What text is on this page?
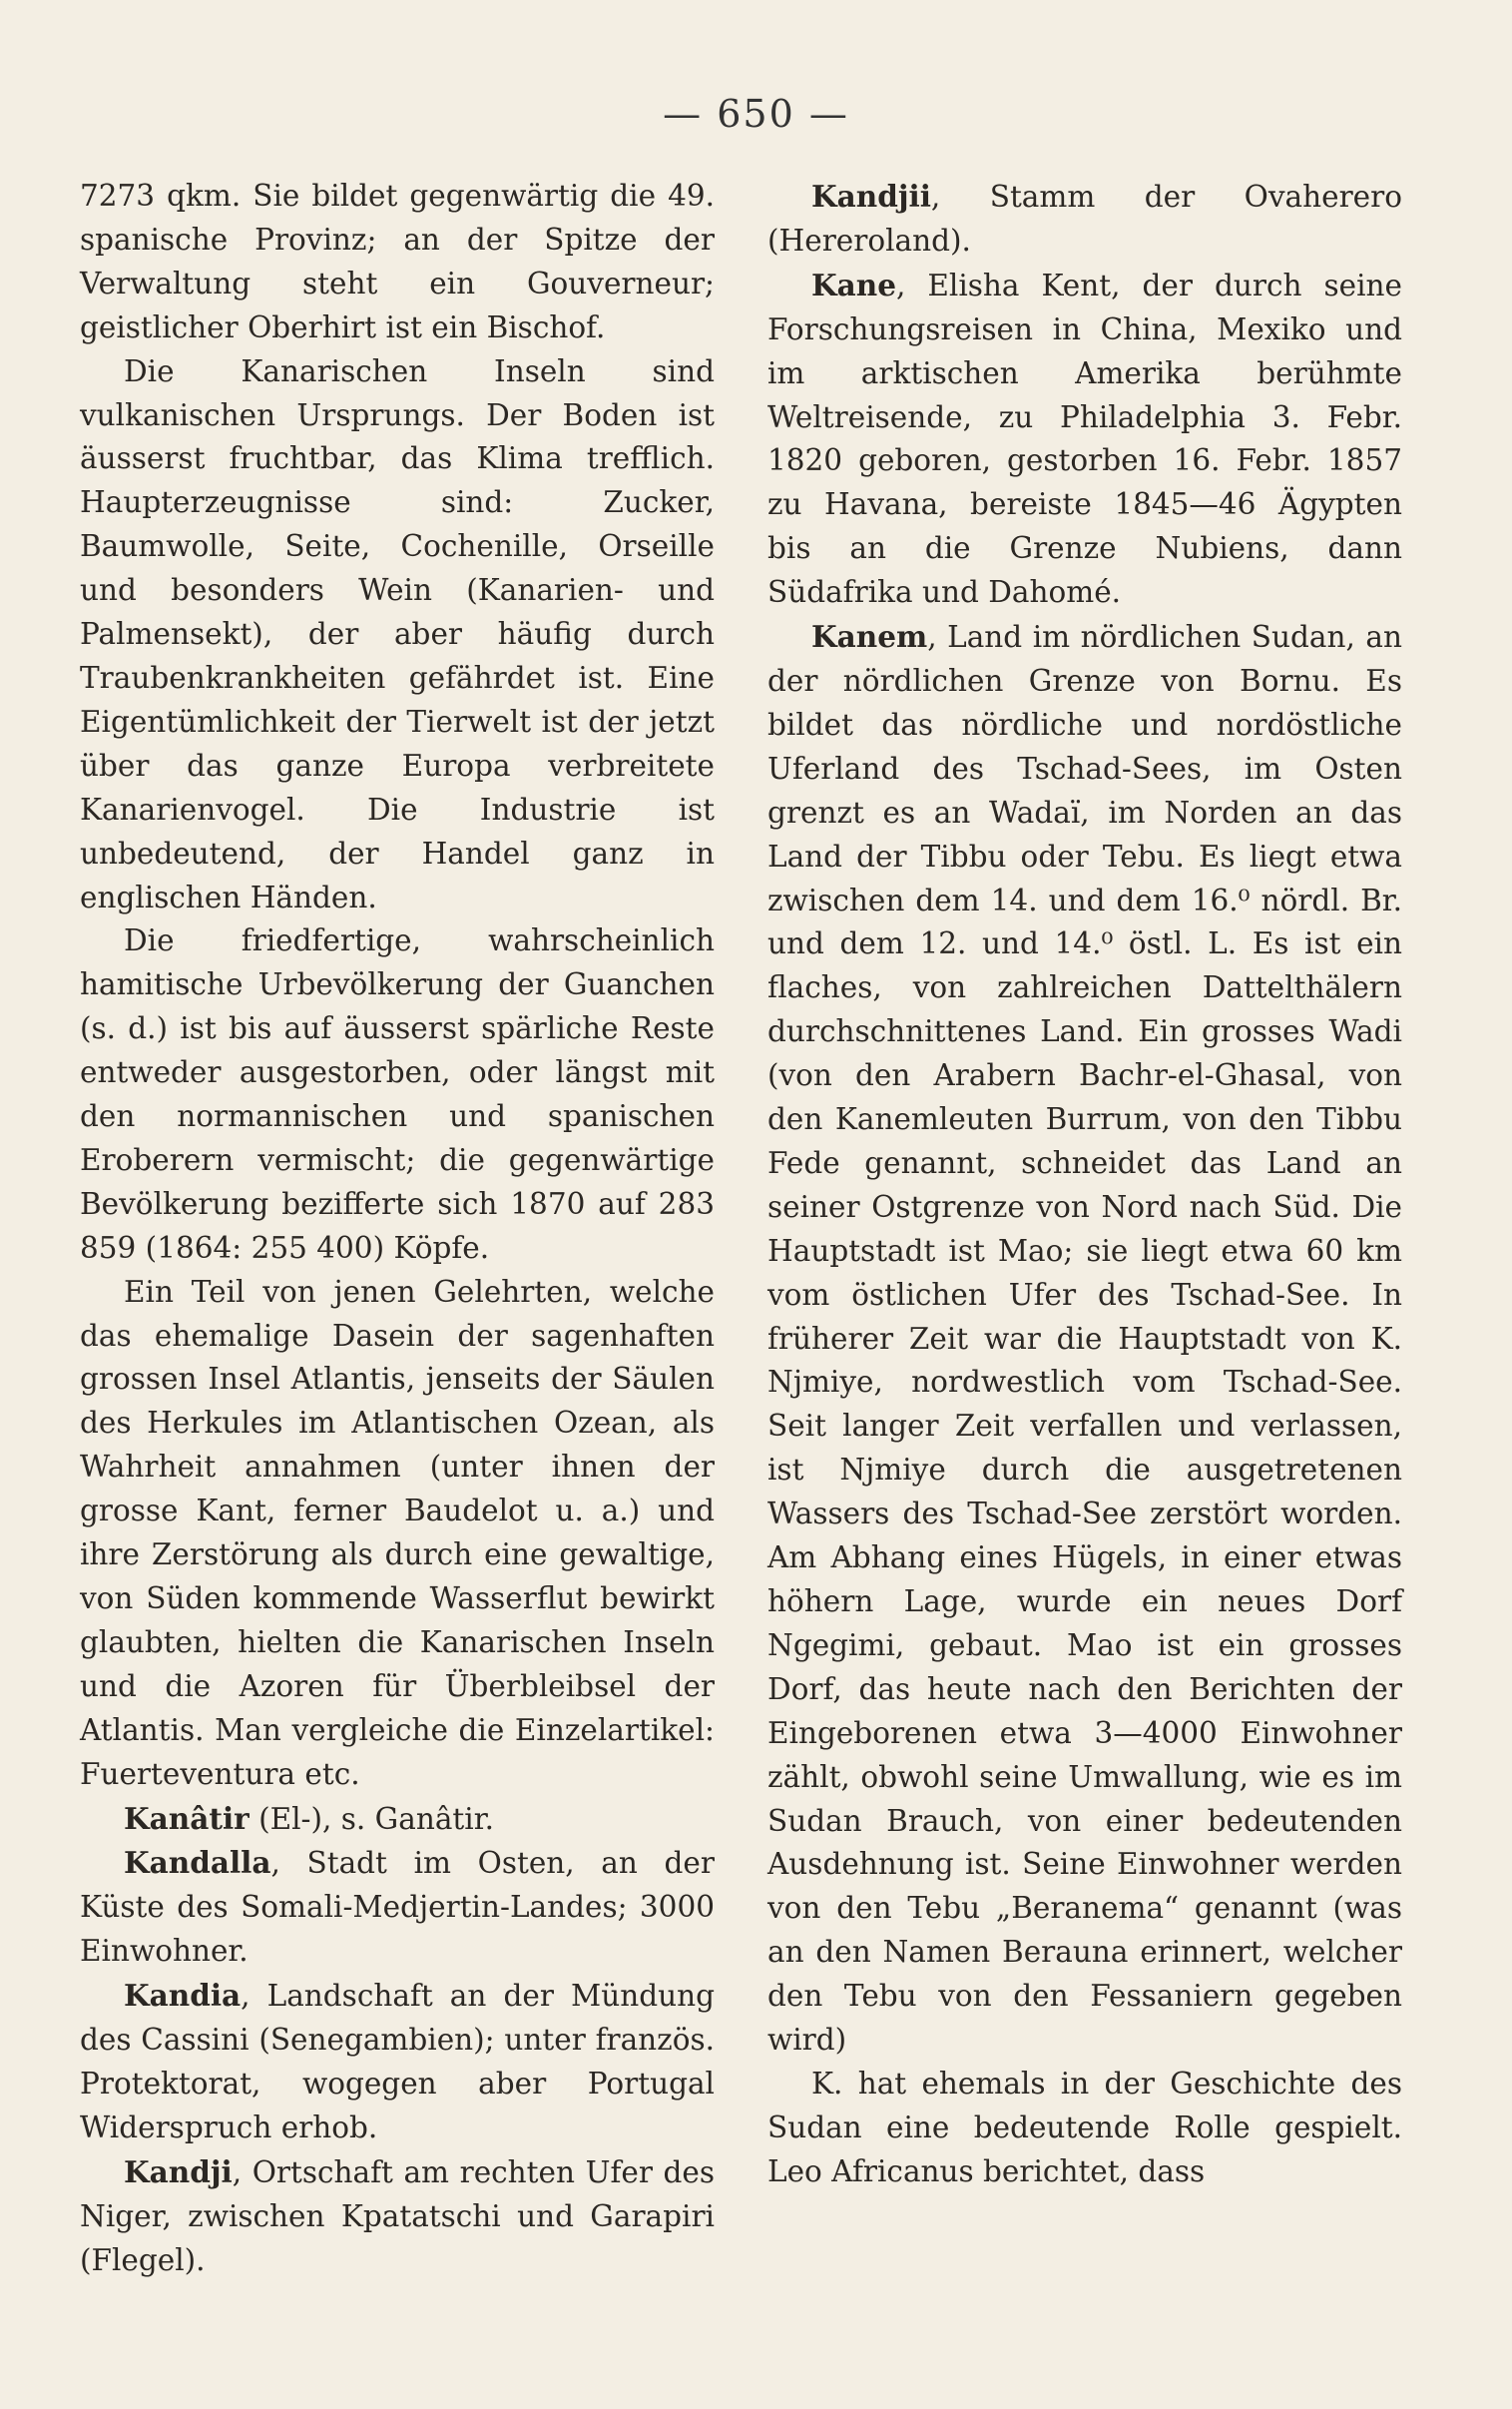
— 650 —

7273 qkm. Sie bildet gegenwärtig die 49. spanische Provinz; an der Spitze der Verwaltung steht ein Gouverneur; geistlicher Oberhirt ist ein Bischof.

Die Kanarischen Inseln sind vulkanischen Ursprungs. Der Boden ist äusserst fruchtbar, das Klima trefflich. Haupterzeugnisse sind: Zucker, Baumwolle, Seite, Cochenille, Orseille und besonders Wein (Kanarien- und Palmensekt), der aber häufig durch Traubenkrankheiten gefährdet ist. Eine Eigentümlichkeit der Tierwelt ist der jetzt über das ganze Europa verbreitete Kanarienvogel. Die Industrie ist unbedeutend, der Handel ganz in englischen Händen.

Die friedfertige, wahrscheinlich hamitische Urbevölkerung der Guanchen (s. d.) ist bis auf äusserst spärliche Reste entweder ausgestorben, oder längst mit den normannischen und spanischen Eroberern vermischt; die gegenwärtige Bevölkerung bezifferte sich 1870 auf 283 859 (1864: 255 400) Köpfe.

Ein Teil von jenen Gelehrten, welche das ehemalige Dasein der sagenhaften grossen Insel Atlantis, jenseits der Säulen des Herkules im Atlantischen Ozean, als Wahrheit annahmen (unter ihnen der grosse Kant, ferner Baudelot u. a.) und ihre Zerstörung als durch eine gewaltige, von Süden kommende Wasserflut bewirkt glaubten, hielten die Kanarischen Inseln und die Azoren für Überbleibsel der Atlantis. Man vergleiche die Einzelartikel: Fuerteventura etc.

Kanâtir (El-), s. Ganâtir.

Kandalla, Stadt im Osten, an der Küste des Somali-Medjertin-Landes; 3000 Einwohner.

Kandia, Landschaft an der Mündung des Cassini (Senegambien); unter französ. Protektorat, wogegen aber Portugal Widerspruch erhob.

Kandji, Ortschaft am rechten Ufer des Niger, zwischen Kpatatschi und Garapiri (Flegel).

Kandjii, Stamm der Ovaherero (Hereroland).

Kane, Elisha Kent, der durch seine Forschungsreisen in China, Mexiko und im arktischen Amerika berühmte Weltreisende, zu Philadelphia 3. Febr. 1820 geboren, gestorben 16. Febr. 1857 zu Havana, bereiste 1845—46 Ägypten bis an die Grenze Nubiens, dann Südafrika und Dahomé.

Kanem, Land im nördlichen Sudan, an der nördlichen Grenze von Bornu. Es bildet das nördliche und nordöstliche Uferland des Tschad-Sees, im Osten grenzt es an Wadaï, im Norden an das Land der Tibbu oder Tebu. Es liegt etwa zwischen dem 14. und dem 16.⁰ nördl. Br. und dem 12. und 14.⁰ östl. L. Es ist ein flaches, von zahlreichen Dattelthälern durchschnittenes Land. Ein grosses Wadi (von den Arabern Bachr-el-Ghasal, von den Kanemleuten Burrum, von den Tibbu Fede genannt, schneidet das Land an seiner Ostgrenze von Nord nach Süd. Die Hauptstadt ist Mao; sie liegt etwa 60 km vom östlichen Ufer des Tschad-See. In früherer Zeit war die Hauptstadt von K. Njmiye, nordwestlich vom Tschad-See. Seit langer Zeit verfallen und verlassen, ist Njmiye durch die ausgetretenen Wassers des Tschad-See zerstört worden. Am Abhang eines Hügels, in einer etwas höhern Lage, wurde ein neues Dorf Ngegimi, gebaut. Mao ist ein grosses Dorf, das heute nach den Berichten der Eingeborenen etwa 3—4000 Einwohner zählt, obwohl seine Umwallung, wie es im Sudan Brauch, von einer bedeutenden Ausdehnung ist. Seine Einwohner werden von den Tebu „Beranema“ genannt (was an den Namen Berauna erinnert, welcher den Tebu von den Fessaniern gegeben wird)

K. hat ehemals in der Geschichte des Sudan eine bedeutende Rolle gespielt. Leo Africanus berichtet, dass
